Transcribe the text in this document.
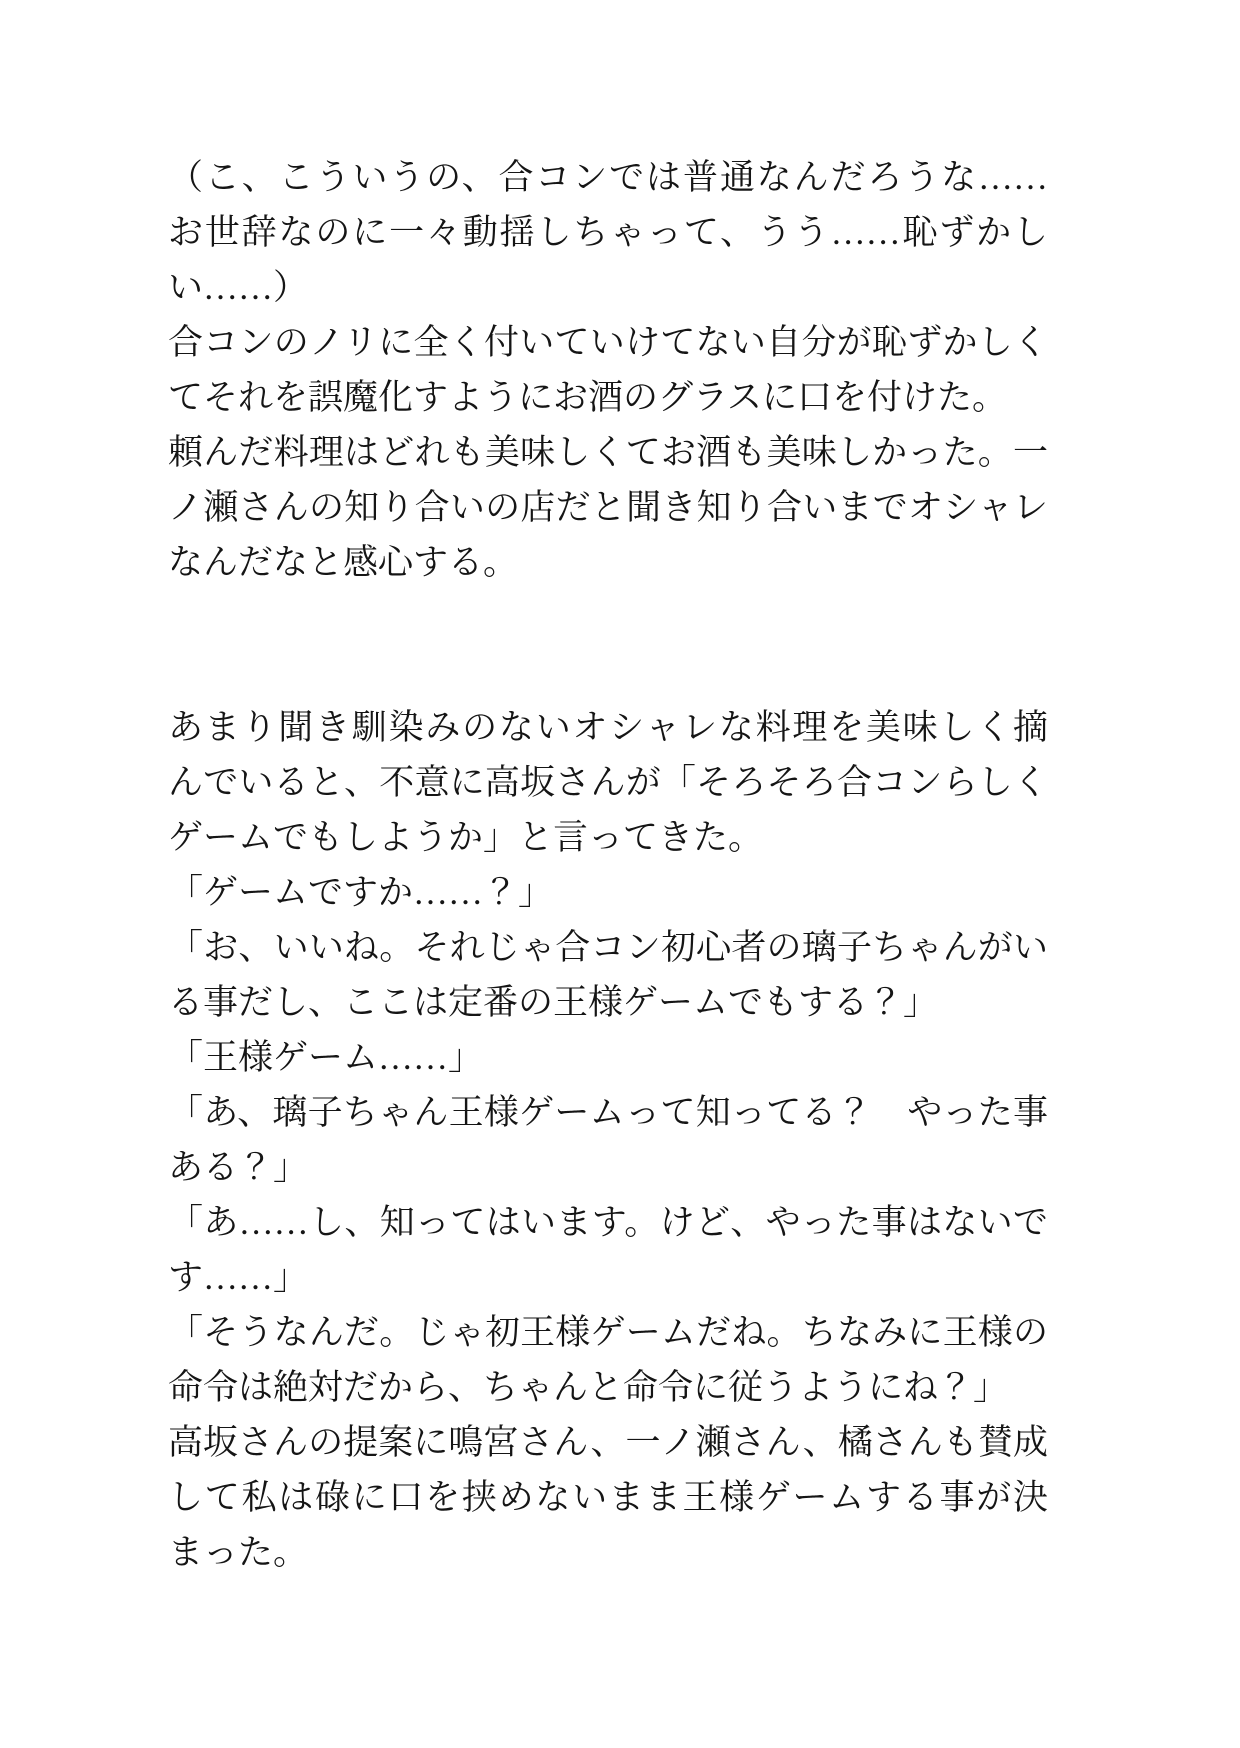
（こ、こういうの、合コンでは普通なんだろうな……
お世辞なのに一々動揺しちゃって、うう……恥ずかし
い……）
合コンのノリに全く付いていけてない自分が恥ずかしく
てそれを誤魔化すようにお酒のグラスに口を付けた。
頼んだ料理はどれも美味しくてお酒も美味しかった。一
ノ瀬さんの知り合いの店だと聞き知り合いまでオシャレ
なんだなと感心する。
あまり聞き馴染みのないオシャレな料理を美味しく摘
んでいると、不意に高坂さんが「そろそろ合コンらしく
ゲームでもしようか」と言ってきた。
「ゲームですか……？」
「お、いいね。それじゃ合コン初心者の璃子ちゃんがい
る事だし、ここは定番の王様ゲームでもする？」
「王様ゲーム……」
「あ、璃子ちゃん王様ゲームって知ってる？　やった事
ある？」
「あ……し、知ってはいます。けど、やった事はないで
す……」
「そうなんだ。じゃ初王様ゲームだね。ちなみに王様の
命令は絶対だから、ちゃんと命令に従うようにね？」
高坂さんの提案に鳴宮さん、一ノ瀬さん、橘さんも賛成
して私は碌に口を挟めないまま王様ゲームする事が決
まった。
